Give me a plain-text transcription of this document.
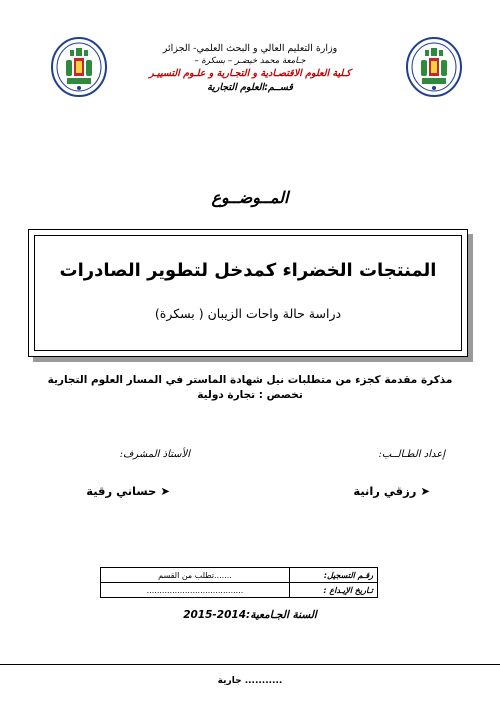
وزارة التعليم العالي و البحث العلمي- الجزائر
جـامعة محمد خيضـر – بسكرة –
كـلية العلوم الاقتصـادية و التجـارية و علـوم التسييـر
قســم:العلوم التجارية
المــوضــوع
المنتجات الخضراء كمدخل لتطوير الصادرات
دراسة حالة واحات الزيبان ( بسكرة)
مذكرة مقدمة كجزء من متطلبات نيل شهادة الماستر في المسار العلوم التجارية
تخصص : تجارة دولية
إعداد الطـالــب:
الأستاذ المشرف:
➤ رزقي رانية
➤ حساني رقية
رقـم التسجيل:	.......تطلب من القسم
تـاريخ الإيـداع :	......................................
السنة الجـامعية:2014-2015
........... جارية
